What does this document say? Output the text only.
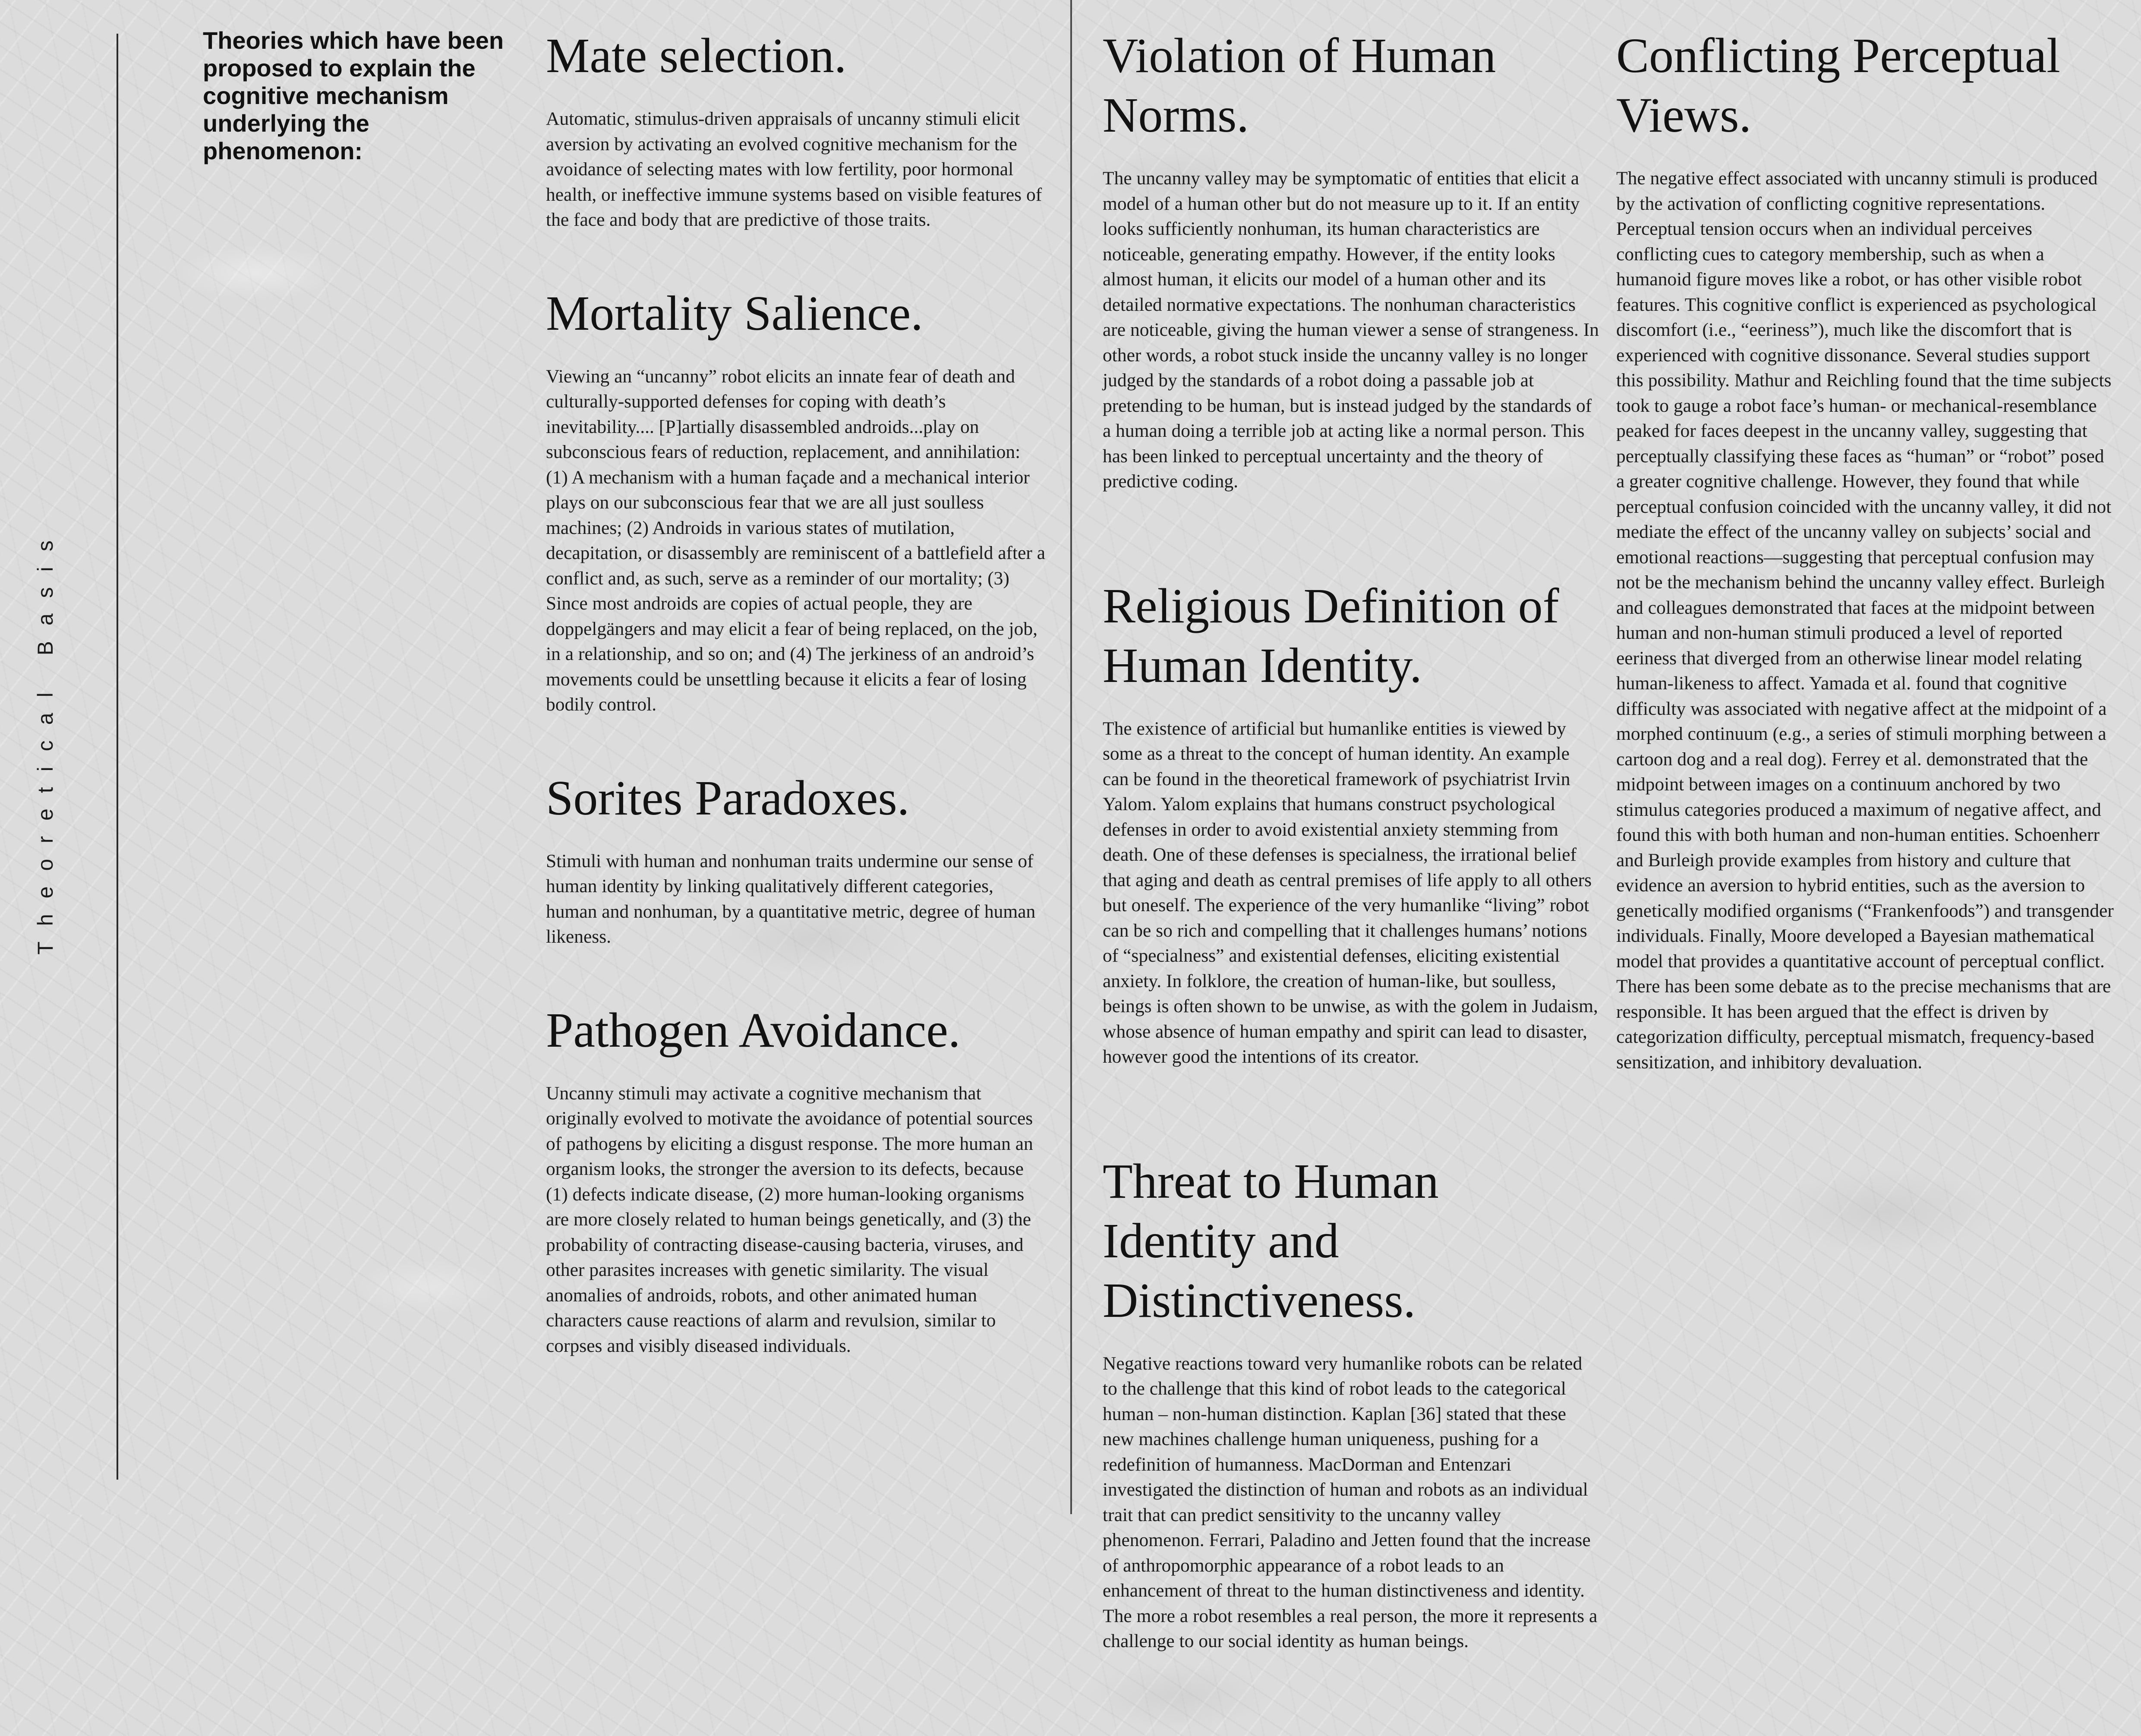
Theoretical Basis

Theories which have been proposed to explain the cognitive mechanism underlying the phenomenon:

Mate selection.

Automatic, stimulus-driven appraisals of uncanny stimuli elicit aversion by activating an evolved cognitive mechanism for the avoidance of selecting mates with low fertility, poor hormonal health, or ineffective immune systems based on visible features of the face and body that are predictive of those traits.

Mortality Salience.

Viewing an “uncanny” robot elicits an innate fear of death and culturally-supported defenses for coping with death’s inevitability.... [P]artially disassembled androids...play on subconscious fears of reduction, replacement, and annihilation: (1) A mechanism with a human façade and a mechanical interior plays on our subconscious fear that we are all just soulless machines; (2) Androids in various states of mutilation, decapitation, or disassembly are reminiscent of a battlefield after a conflict and, as such, serve as a reminder of our mortality; (3) Since most androids are copies of actual people, they are doppelgängers and may elicit a fear of being replaced, on the job, in a relationship, and so on; and (4) The jerkiness of an android’s movements could be unsettling because it elicits a fear of losing bodily control.

Sorites Paradoxes.

Stimuli with human and nonhuman traits undermine our sense of human identity by linking qualitatively different categories, human and nonhuman, by a quantitative metric, degree of human likeness.

Pathogen Avoidance.

Uncanny stimuli may activate a cognitive mechanism that originally evolved to motivate the avoidance of potential sources of pathogens by eliciting a disgust response. The more human an organism looks, the stronger the aversion to its defects, because (1) defects indicate disease, (2) more human-looking organisms are more closely related to human beings genetically, and (3) the probability of contracting disease-causing bacteria, viruses, and other parasites increases with genetic similarity. The visual anomalies of androids, robots, and other animated human characters cause reactions of alarm and revulsion, similar to corpses and visibly diseased individuals.

Violation of Human Norms.

The uncanny valley may be symptomatic of entities that elicit a model of a human other but do not measure up to it. If an entity looks sufficiently nonhuman, its human characteristics are noticeable, generating empathy. However, if the entity looks almost human, it elicits our model of a human other and its detailed normative expectations. The nonhuman characteristics are noticeable, giving the human viewer a sense of strangeness. In other words, a robot stuck inside the uncanny valley is no longer judged by the standards of a robot doing a passable job at pretending to be human, but is instead judged by the standards of a human doing a terrible job at acting like a normal person. This has been linked to perceptual uncertainty and the theory of predictive coding.

Religious Definition of Human Identity.

The existence of artificial but humanlike entities is viewed by some as a threat to the concept of human identity. An example can be found in the theoretical framework of psychiatrist Irvin Yalom. Yalom explains that humans construct psychological defenses in order to avoid existential anxiety stemming from death. One of these defenses is specialness, the irrational belief that aging and death as central premises of life apply to all others but oneself. The experience of the very humanlike “living” robot can be so rich and compelling that it challenges humans’ notions of “specialness” and existential defenses, eliciting existential anxiety. In folklore, the creation of human-like, but soulless, beings is often shown to be unwise, as with the golem in Judaism, whose absence of human empathy and spirit can lead to disaster, however good the intentions of its creator.

Threat to Human Identity and Distinctiveness.

Negative reactions toward very humanlike robots can be related to the challenge that this kind of robot leads to the categorical human – non-human distinction. Kaplan [36] stated that these new machines challenge human uniqueness, pushing for a redefinition of humanness. MacDorman and Entenzari investigated the distinction of human and robots as an individual trait that can predict sensitivity to the uncanny valley phenomenon. Ferrari, Paladino and Jetten found that the increase of anthropomorphic appearance of a robot leads to an enhancement of threat to the human distinctiveness and identity. The more a robot resembles a real person, the more it represents a challenge to our social identity as human beings.

Conflicting Perceptual Views.

The negative effect associated with uncanny stimuli is produced by the activation of conflicting cognitive representations. Perceptual tension occurs when an individual perceives conflicting cues to category membership, such as when a humanoid figure moves like a robot, or has other visible robot features. This cognitive conflict is experienced as psychological discomfort (i.e., “eeriness”), much like the discomfort that is experienced with cognitive dissonance. Several studies support this possibility. Mathur and Reichling found that the time subjects took to gauge a robot face’s human- or mechanical-resemblance peaked for faces deepest in the uncanny valley, suggesting that perceptually classifying these faces as “human” or “robot” posed a greater cognitive challenge. However, they found that while perceptual confusion coincided with the uncanny valley, it did not mediate the effect of the uncanny valley on subjects’ social and emotional reactions—suggesting that perceptual confusion may not be the mechanism behind the uncanny valley effect. Burleigh and colleagues demonstrated that faces at the midpoint between human and non-human stimuli produced a level of reported eeriness that diverged from an otherwise linear model relating human-likeness to affect. Yamada et al. found that cognitive difficulty was associated with negative affect at the midpoint of a morphed continuum (e.g., a series of stimuli morphing between a cartoon dog and a real dog). Ferrey et al. demonstrated that the midpoint between images on a continuum anchored by two stimulus categories produced a maximum of negative affect, and found this with both human and non-human entities. Schoenherr and Burleigh provide examples from history and culture that evidence an aversion to hybrid entities, such as the aversion to genetically modified organisms (“Frankenfoods”) and transgender individuals. Finally, Moore developed a Bayesian mathematical model that provides a quantitative account of perceptual conflict. There has been some debate as to the precise mechanisms that are responsible. It has been argued that the effect is driven by categorization difficulty, perceptual mismatch, frequency-based sensitization, and inhibitory devaluation.
